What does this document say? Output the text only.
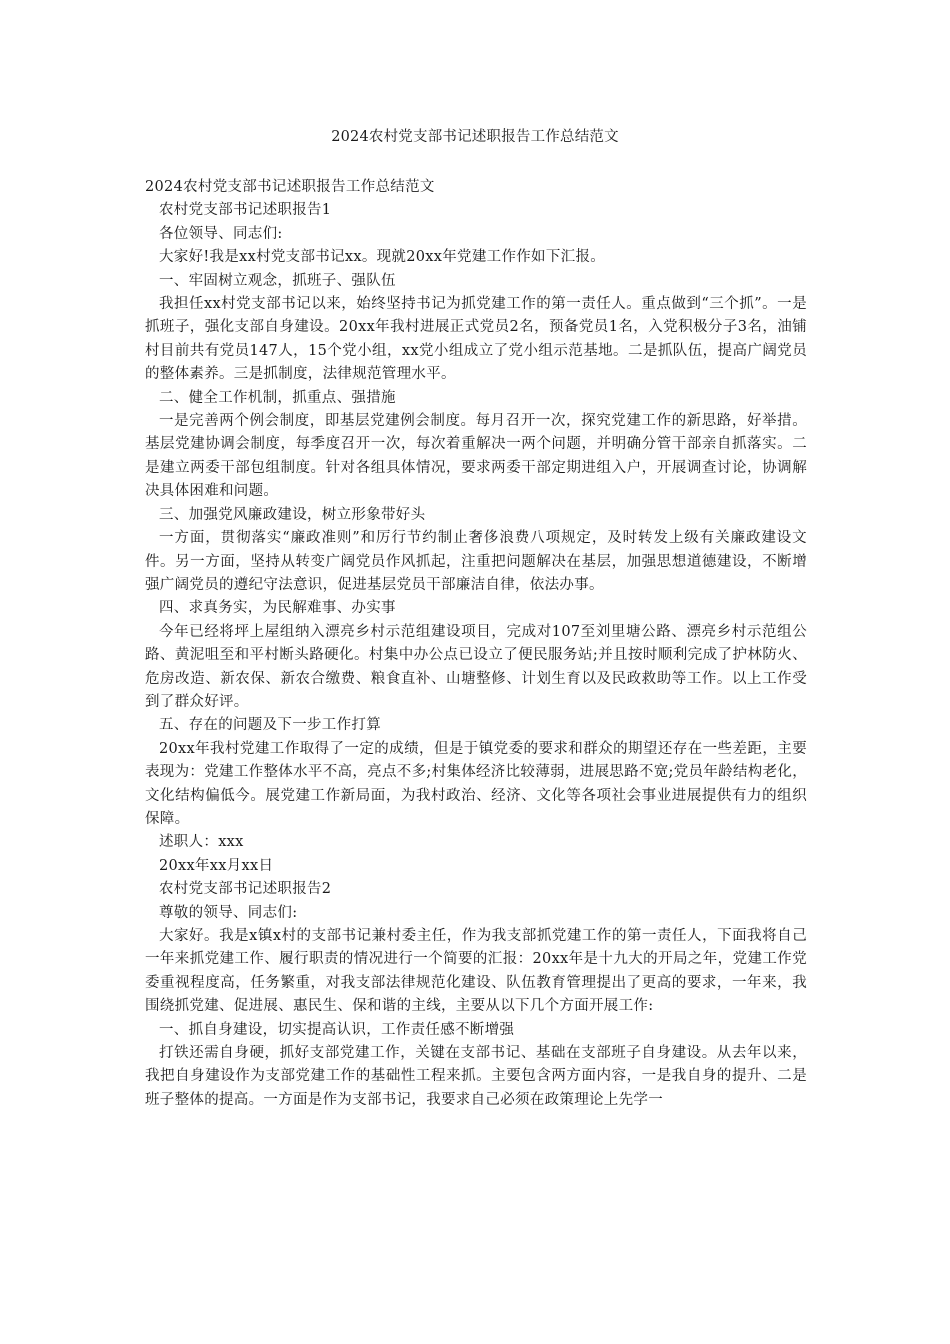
2024农村党支部书记述职报告工作总结范文

2024农村党支部书记述职报告工作总结范文

农村党支部书记述职报告1

各位领导、同志们:

大家好!我是xx村党支部书记xx。现就20xx年党建工作作如下汇报。

一、牢固树立观念，抓班子、强队伍

我担任xx村党支部书记以来，始终坚持书记为抓党建工作的第一责任人。重点做到“三个抓”。一是抓班子，强化支部自身建设。20xx年我村进展正式党员2名，预备党员1名，入党积极分子3名，油铺村目前共有党员147人，15个党小组，xx党小组成立了党小组示范基地。二是抓队伍，提高广阔党员的整体素养。三是抓制度，法律规范管理水平。

二、健全工作机制，抓重点、强措施

一是完善两个例会制度，即基层党建例会制度。每月召开一次，探究党建工作的新思路，好举措。基层党建协调会制度，每季度召开一次，每次着重解决一两个问题，并明确分管干部亲自抓落实。二是建立两委干部包组制度。针对各组具体情况，要求两委干部定期进组入户，开展调查讨论，协调解决具体困难和问题。

三、加强党风廉政建设，树立形象带好头

一方面，贯彻落实“廉政准则”和厉行节约制止奢侈浪费八项规定，及时转发上级有关廉政建设文件。另一方面，坚持从转变广阔党员作风抓起，注重把问题解决在基层，加强思想道德建设，不断增强广阔党员的遵纪守法意识，促进基层党员干部廉洁自律，依法办事。

四、求真务实，为民解难事、办实事

今年已经将坪上屋组纳入漂亮乡村示范组建设项目，完成对107至刘里塘公路、漂亮乡村示范组公路、黄泥咀至和平村断头路硬化。村集中办公点已设立了便民服务站;并且按时顺利完成了护林防火、危房改造、新农保、新农合缴费、粮食直补、山塘整修、计划生育以及民政救助等工作。以上工作受到了群众好评。

五、存在的问题及下一步工作打算

20xx年我村党建工作取得了一定的成绩，但是于镇党委的要求和群众的期望还存在一些差距，主要表现为：党建工作整体水平不高，亮点不多;村集体经济比较薄弱，进展思路不宽;党员年龄结构老化，文化结构偏低今。展党建工作新局面，为我村政治、经济、文化等各项社会事业进展提供有力的组织保障。

述职人：xxx

20xx年xx月xx日

农村党支部书记述职报告2

尊敬的领导、同志们:

大家好。我是x镇x村的支部书记兼村委主任，作为我支部抓党建工作的第一责任人，下面我将自己一年来抓党建工作、履行职责的情况进行一个简要的汇报：20xx年是十九大的开局之年，党建工作党委重视程度高，任务繁重，对我支部法律规范化建设、队伍教育管理提出了更高的要求，一年来，我围绕抓党建、促进展、惠民生、保和谐的主线，主要从以下几个方面开展工作:

一、抓自身建设，切实提高认识，工作责任感不断增强

打铁还需自身硬，抓好支部党建工作，关键在支部书记、基础在支部班子自身建设。从去年以来，我把自身建设作为支部党建工作的基础性工程来抓。主要包含两方面内容，一是我自身的提升、二是班子整体的提高。一方面是作为支部书记，我要求自己必须在政策理论上先学一
